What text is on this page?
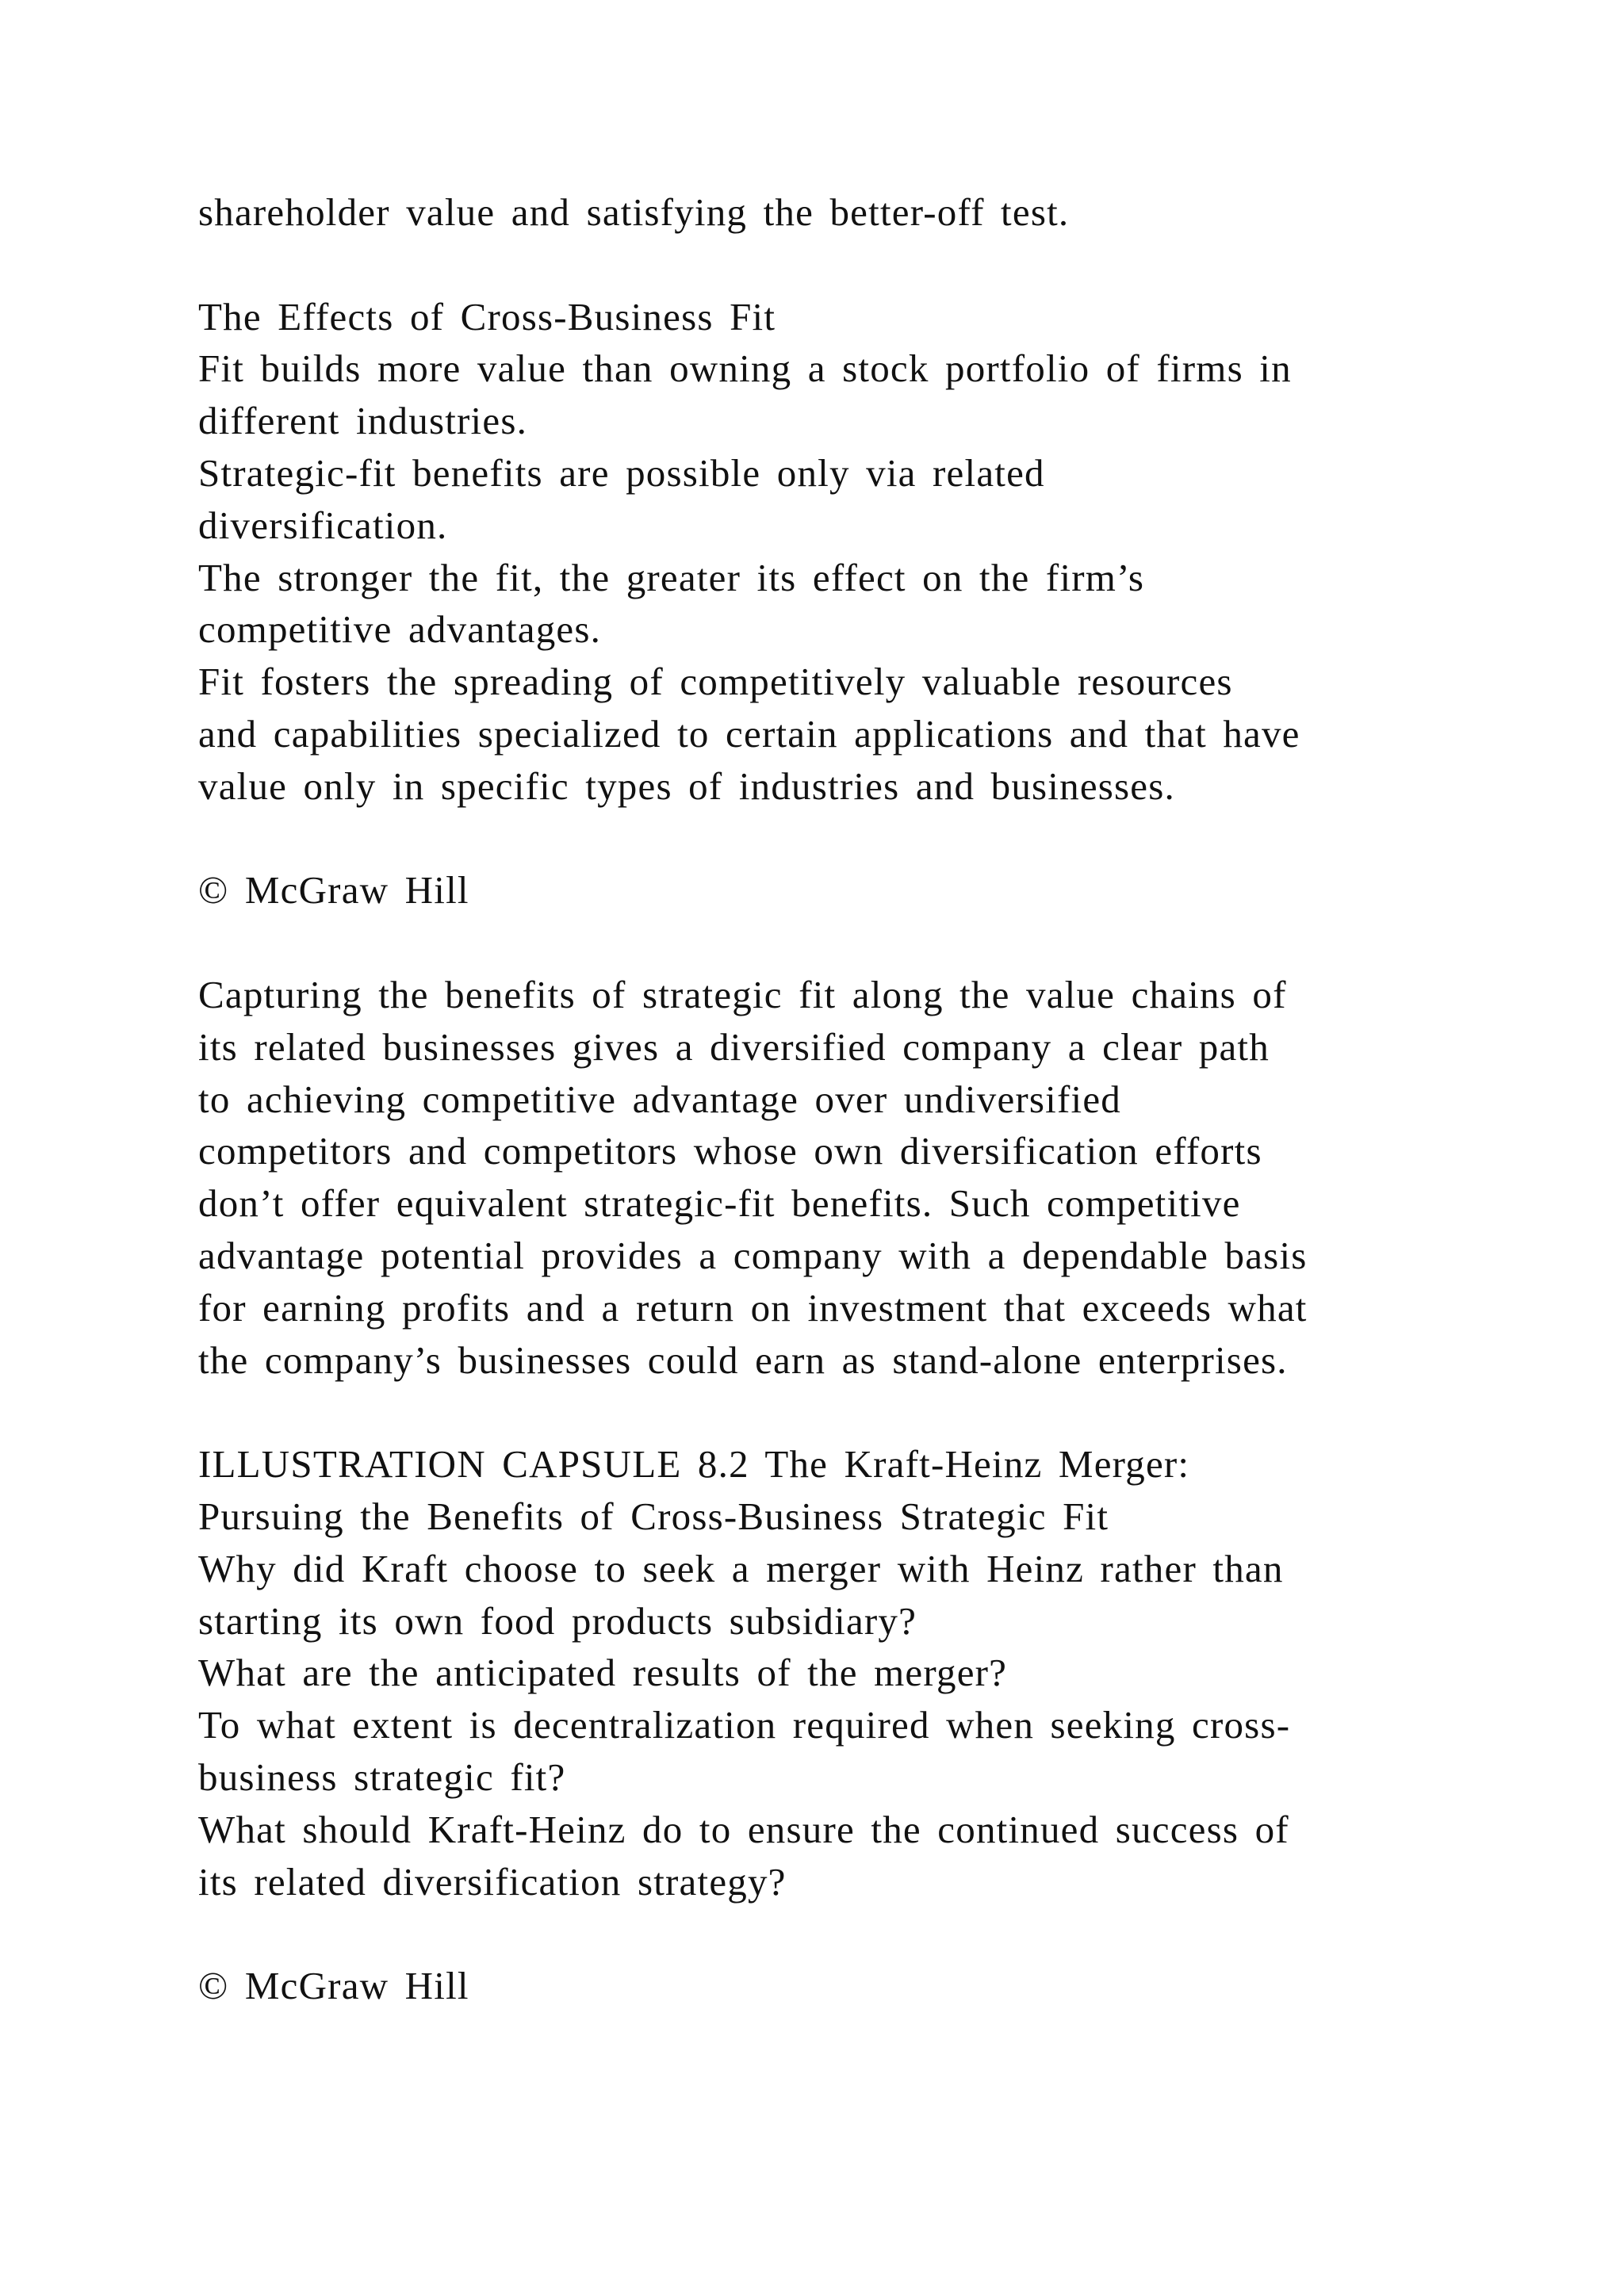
shareholder value and satisfying the better-off test.
The Effects of Cross-Business Fit
Fit builds more value than owning a stock portfolio of firms in
different industries.
Strategic-fit benefits are possible only via related
diversification.
The stronger the fit, the greater its effect on the firm’s
competitive advantages.
Fit fosters the spreading of competitively valuable resources
and capabilities specialized to certain applications and that have
value only in specific types of industries and businesses.
© McGraw Hill
Capturing the benefits of strategic fit along the value chains of
its related businesses gives a diversified company a clear path
to achieving competitive advantage over undiversified
competitors and competitors whose own diversification efforts
don’t offer equivalent strategic-fit benefits. Such competitive
advantage potential provides a company with a dependable basis
for earning profits and a return on investment that exceeds what
the company’s businesses could earn as stand-alone enterprises.
ILLUSTRATION CAPSULE 8.2 The Kraft-Heinz Merger:
Pursuing the Benefits of Cross-Business Strategic Fit
Why did Kraft choose to seek a merger with Heinz rather than
starting its own food products subsidiary?
What are the anticipated results of the merger?
To what extent is decentralization required when seeking cross-
business strategic fit?
What should Kraft-Heinz do to ensure the continued success of
its related diversification strategy?
© McGraw Hill
